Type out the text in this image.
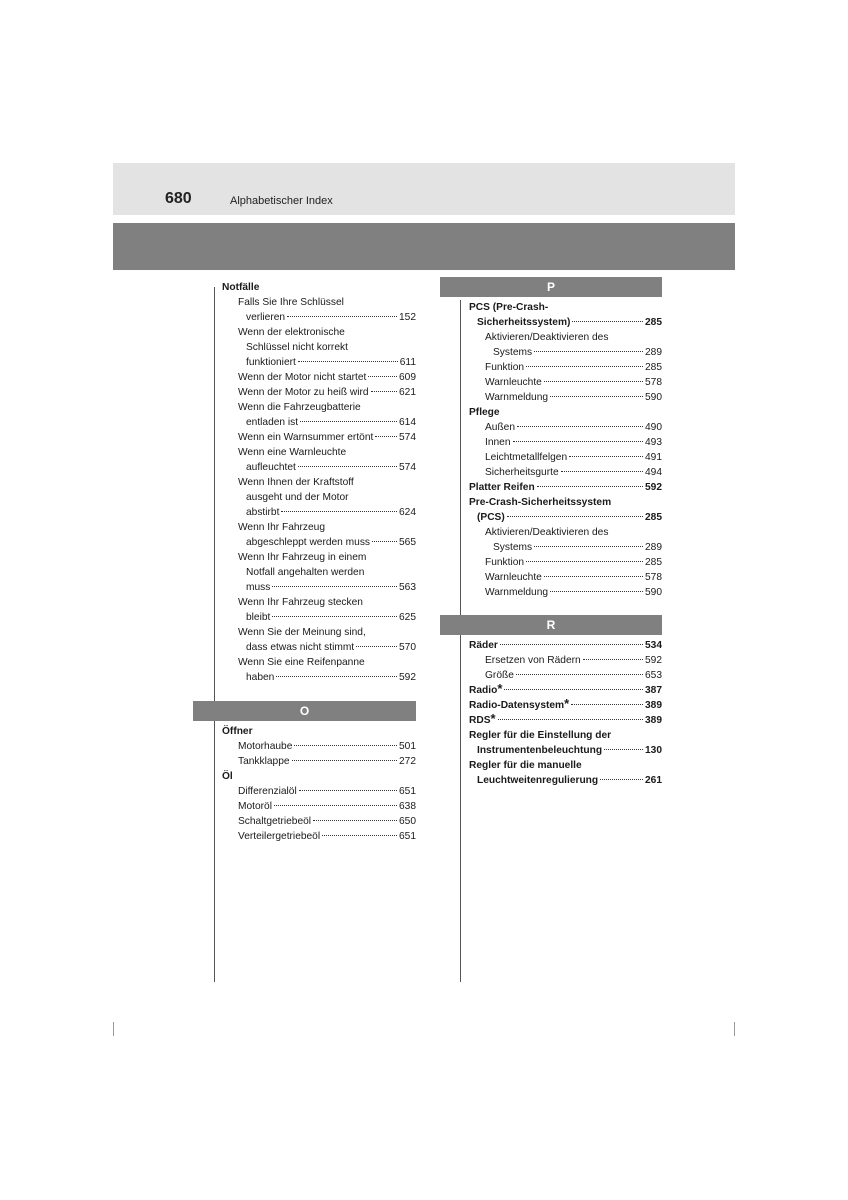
680	Alphabetischer Index
Notfälle
Falls Sie Ihre Schlüssel
verlieren	152
Wenn der elektronische
Schlüssel nicht korrekt
funktioniert	611
Wenn der Motor nicht startet	609
Wenn der Motor zu heiß wird	621
Wenn die Fahrzeugbatterie
entladen ist	614
Wenn ein Warnsummer ertönt	574
Wenn eine Warnleuchte
aufleuchtet	574
Wenn Ihnen der Kraftstoff
ausgeht und der Motor
abstirbt	624
Wenn Ihr Fahrzeug
abgeschleppt werden muss	565
Wenn Ihr Fahrzeug in einem
Notfall angehalten werden
muss	563
Wenn Ihr Fahrzeug stecken
bleibt	625
Wenn Sie der Meinung sind,
dass etwas nicht stimmt	570
Wenn Sie eine Reifenpanne
haben	592
O
Öffner
Motorhaube	501
Tankklappe	272
Öl
Differenzialöl	651
Motoröl	638
Schaltgetriebeöl	650
Verteilergetriebeöl	651
P
PCS (Pre-Crash-
Sicherheitssystem)	285
Aktivieren/Deaktivieren des
Systems	289
Funktion	285
Warnleuchte	578
Warnmeldung	590
Pflege
Außen	490
Innen	493
Leichtmetallfelgen	491
Sicherheitsgurte	494
Platter Reifen	592
Pre-Crash-Sicherheitssystem
(PCS)	285
Aktivieren/Deaktivieren des
Systems	289
Funktion	285
Warnleuchte	578
Warnmeldung	590
R
Räder	534
Ersetzen von Rädern	592
Größe	653
Radio *	387
Radio-Datensystem *	389
RDS *	389
Regler für die Einstellung der
Instrumentenbeleuchtung	130
Regler für die manuelle
Leuchtweitenregulierung	261
